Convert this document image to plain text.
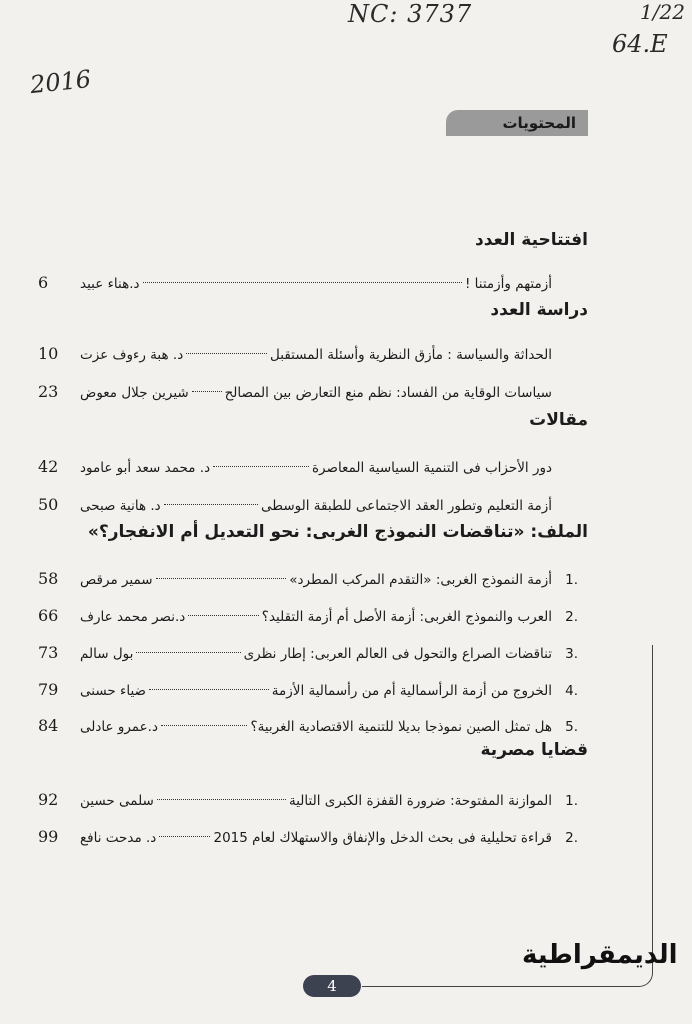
NC: 3737	1/22
64.E
2016
المحتويات
افتتاحية العدد
أزمتهم وأزمتنا !
د.هناء عبيد
6
دراسة العدد
الحداثة والسياسة : مأزق النظرية وأسئلة المستقبل
د. هبة رءوف عزت
10
سياسات الوقاية من الفساد: نظم منع التعارض بين المصالح
شيرين جلال معوض
23
مقالات
دور الأحزاب فى التنمية السياسية المعاصرة
د. محمد سعد أبو عامود
42
أزمة التعليم وتطور العقد الاجتماعى للطبقة الوسطى
د. هانية صبحى
50
الملف: «تناقضات النموذج الغربى: نحو التعديل أم الانفجار؟»
1.
أزمة النموذج الغربى: «التقدم المركب المطرد»
سمير مرقص
58
2.
العرب والنموذج الغربى: أزمة الأصل أم أزمة التقليد؟
د.نصر محمد عارف
66
3.
تناقضات الصراع والتحول فى العالم العربى: إطار نظرى
بول سالم
73
4.
الخروج من أزمة الرأسمالية أم من رأسمالية الأزمة
ضياء حسنى
79
5.
هل تمثل الصين نموذجا بديلا للتنمية الاقتصادية الغربية؟
د.عمرو عادلى
84
قضايا مصرية
1.
الموازنة المفتوحة: ضرورة القفزة الكبرى التالية
سلمى حسين
92
2.
قراءة تحليلية فى بحث الدخل والإنفاق والاستهلاك لعام 2015
د. مدحت نافع
99
الديمقراطية
4
